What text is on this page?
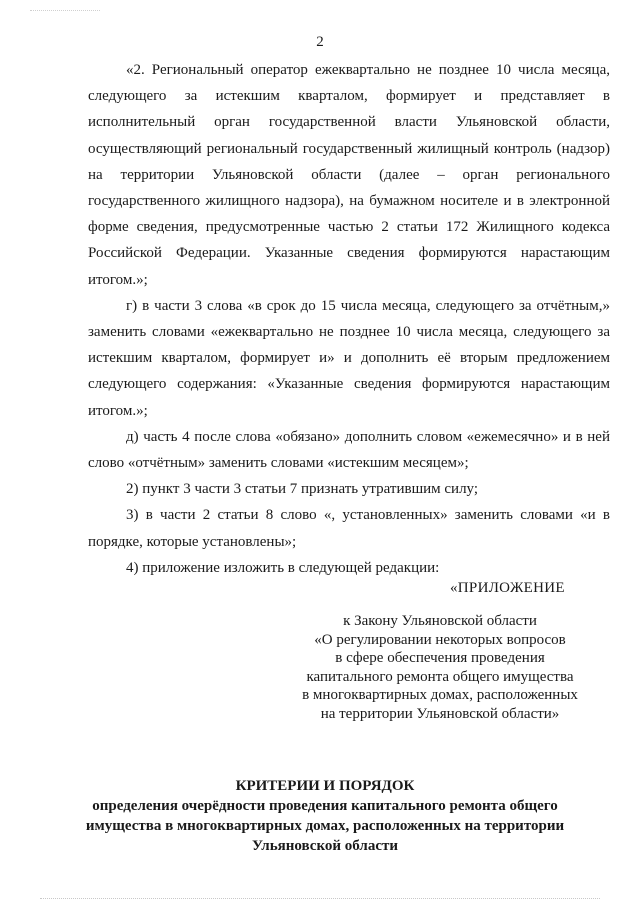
2

«2. Региональный оператор ежеквартально не позднее 10 числа месяца, следующего за истекшим кварталом, формирует и представляет в исполнительный орган государственной власти Ульяновской области, осуществляющий региональный государственный жилищный контроль (надзор) на территории Ульяновской области (далее – орган регионального государственного жилищного надзора), на бумажном носителе и в электронной форме сведения, предусмотренные частью 2 статьи 172 Жилищного кодекса Российской Федерации. Указанные сведения формируются нарастающим итогом.»;

г) в части 3 слова «в срок до 15 числа месяца, следующего за отчётным,» заменить словами «ежеквартально не позднее 10 числа месяца, следующего за истекшим кварталом, формирует и» и дополнить её вторым предложением следующего содержания: «Указанные сведения формируются нарастающим итогом.»;

д) часть 4 после слова «обязано» дополнить словом «ежемесячно» и в ней слово «отчётным» заменить словами «истекшим месяцем»;

2) пункт 3 части 3 статьи 7 признать утратившим силу;

3) в части 2 статьи 8 слово «, установленных» заменить словами «и в порядке, которые установлены»;

4) приложение изложить в следующей редакции:

«ПРИЛОЖЕНИЕ
к Закону Ульяновской области
«О регулировании некоторых вопросов
в сфере обеспечения проведения
капитального ремонта общего имущества
в многоквартирных домах, расположенных
на территории Ульяновской области»
КРИТЕРИИ И ПОРЯДОК
определения очерёдности проведения капитального ремонта общего
имущества в многоквартирных домах, расположенных на территории
Ульяновской области
